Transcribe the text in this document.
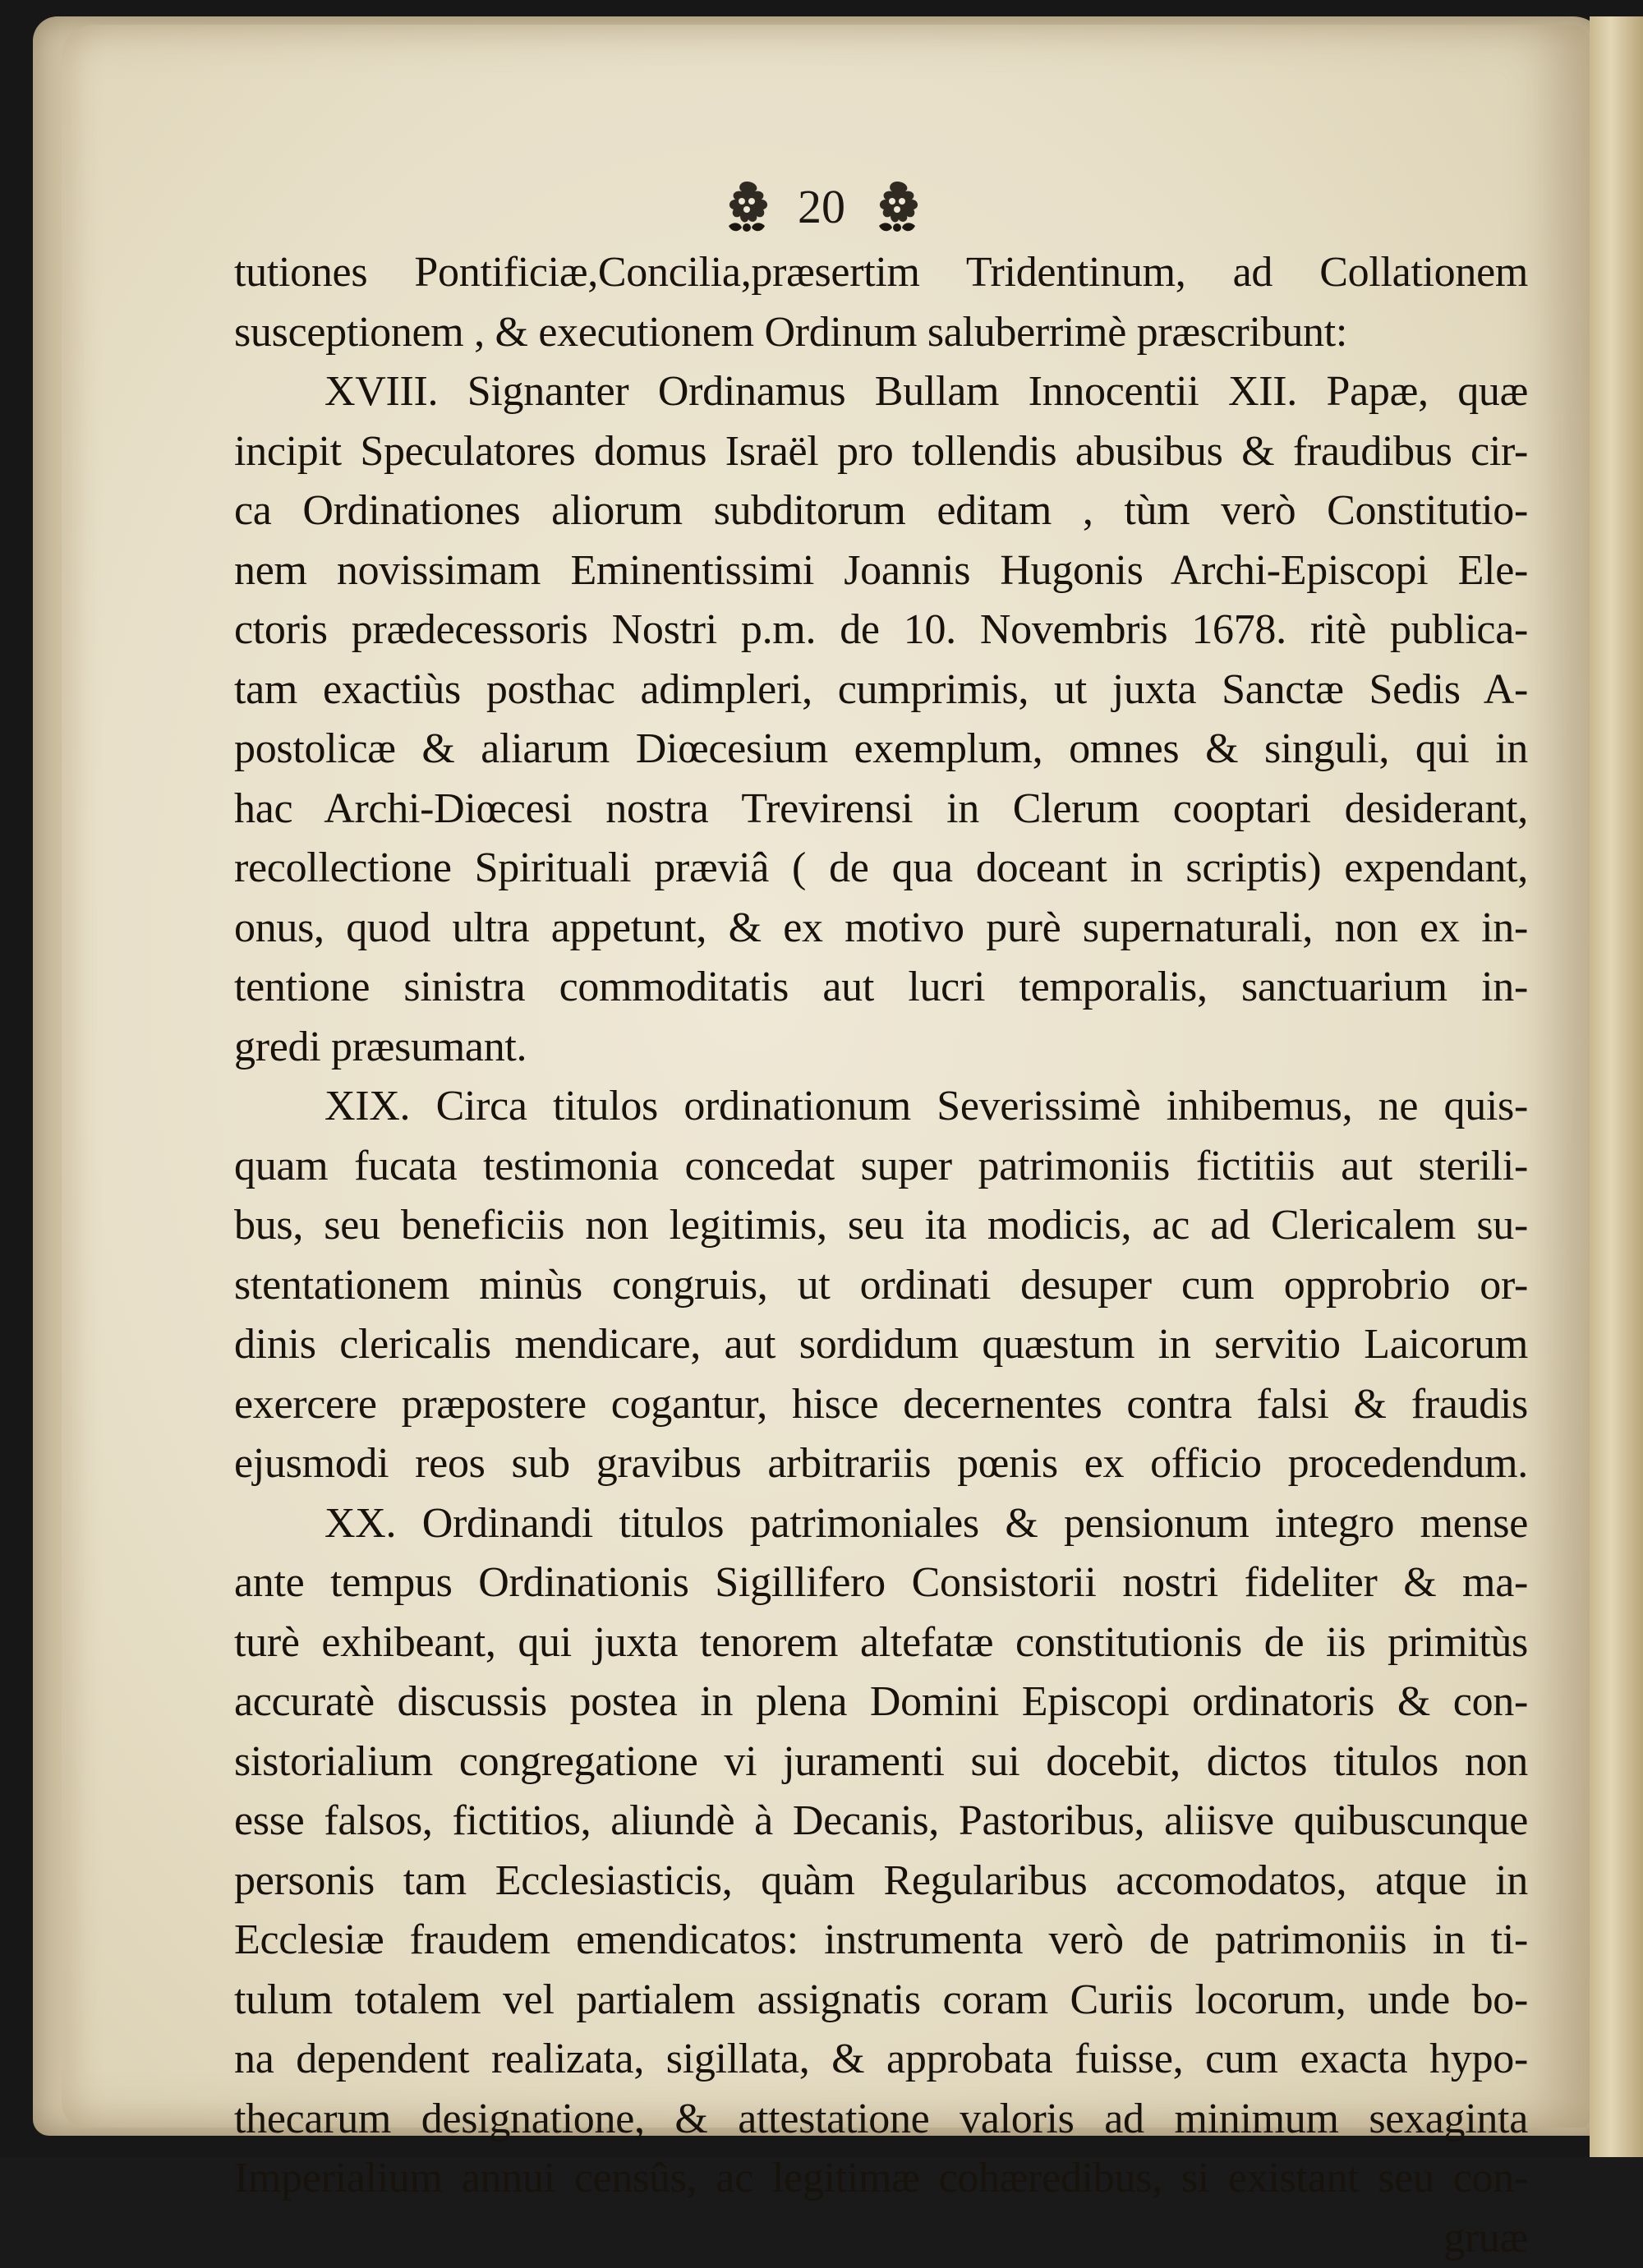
20
tutiones Pontificiæ,Concilia,præsertim Tridentinum, ad Collationem
susceptionem , & executionem Ordinum saluberrimè præscribunt:
XVIII. Signanter Ordinamus Bullam Innocentii XII. Papæ, quæ
incipit Speculatores domus Israël pro tollendis abusibus & fraudibus cir-
ca Ordinationes aliorum subditorum editam , tùm verò Constitutio-
nem novissimam Eminentissimi Joannis Hugonis Archi-Episcopi Ele-
ctoris prædecessoris Nostri p.m. de 10. Novembris 1678. ritè publica-
tam exactiùs posthac adimpleri, cumprimis, ut juxta Sanctæ Sedis A-
postolicæ & aliarum Diœcesium exemplum, omnes & singuli, qui in
hac Archi-Diœcesi nostra Trevirensi in Clerum cooptari desiderant,
recollectione Spirituali præviâ ( de qua doceant in scriptis) expendant,
onus, quod ultra appetunt, & ex motivo purè supernaturali, non ex in-
tentione sinistra commoditatis aut lucri temporalis, sanctuarium in-
gredi præsumant.
XIX. Circa titulos ordinationum Severissimè inhibemus, ne quis-
quam fucata testimonia concedat super patrimoniis fictitiis aut sterili-
bus, seu beneficiis non legitimis, seu ita modicis, ac ad Clericalem su-
stentationem minùs congruis, ut ordinati desuper cum opprobrio or-
dinis clericalis mendicare, aut sordidum quæstum in servitio Laicorum
exercere præpostere cogantur, hisce decernentes contra falsi & fraudis
ejusmodi reos sub gravibus arbitrariis pœnis ex officio procedendum.
XX. Ordinandi titulos patrimoniales & pensionum integro mense
ante tempus Ordinationis Sigillifero Consistorii nostri fideliter & ma-
turè exhibeant, qui juxta tenorem altefatæ constitutionis de iis primitùs
accuratè discussis postea in plena Domini Episcopi ordinatoris & con-
sistorialium congregatione vi juramenti sui docebit, dictos titulos non
esse falsos, fictitios, aliundè à Decanis, Pastoribus, aliisve quibuscunque
personis tam Ecclesiasticis, quàm Regularibus accomodatos, atque in
Ecclesiæ fraudem emendicatos: instrumenta verò de patrimoniis in ti-
tulum totalem vel partialem assignatis coram Curiis locorum, unde bo-
na dependent realizata, sigillata, & approbata fuisse, cum exacta hypo-
thecarum designatione, & attestatione valoris ad minimum sexaginta
Imperialium annui censûs, ac legitimæ cohæredibus, si existant seu con-
gruæ
